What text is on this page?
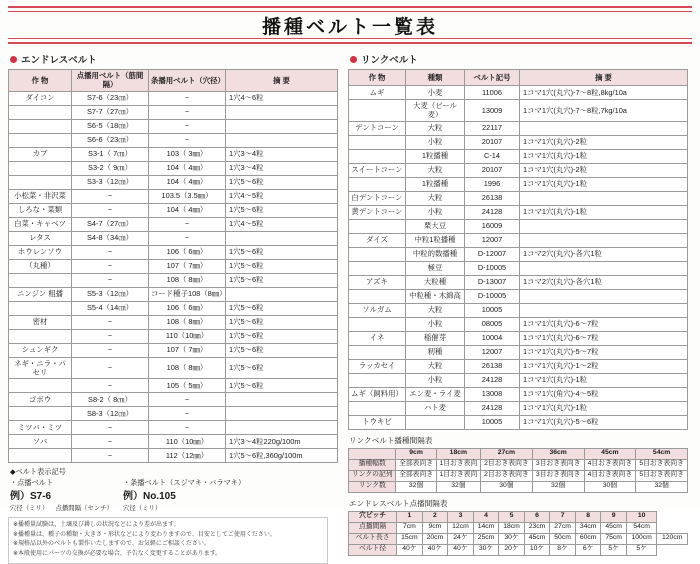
播種ベルト一覧表
エンドレスベルト
作 物	点播用ベルト（筋間隔）	条播用ベルト（穴径）	摘 要
ダイコン	S7-6（23㎝）	−	1穴4～6粒
	S7-7（27㎝）	−	
	S6-5（18㎝）	−	
	S6-6（23㎝）	−	
カブ	S3-1（ 7㎝）	103（ 3㎜）	1穴3～4粒
	S3-2（ 9㎝）	104（ 4㎜）	1穴3～4粒
	S3-3（12㎝）	104（ 4㎜）	1穴5～6粒
小松菜・非沢菜	−	103.5（3.5㎜）	1穴4～5粒
しろな・菜類	−	104（ 4㎜）	1穴5～6粒
白菜・キャベツ	S4-7（27㎝）	−	1穴4～5粒
レタス	S4-8（34㎝）	−	
ホウレンソウ	−	106（ 6㎜）	1穴5～6粒
（丸種）	−	107（ 7㎜）	1穴5～6粒
	−	108（ 8㎜）	1穴5～6粒
ニンジン 粗播	S5-3（12㎝）	コード種子108（8㎜）	
	S5-4（14㎝）	106（ 6㎜）	1穴5～6粒
密材	−	108（ 8㎜）	1穴5～6粒
	−	110（10㎜）	1穴5～6粒
シュンギク	−	107（ 7㎜）	1穴5～6粒
ネギ・ニラ・パセリ	−	108（ 8㎜）	1穴5～6粒
	−	105（ 5㎜）	1穴5～6粒
ゴボウ	S8-2（ 8㎝）	−	
	S8-3（12㎝）	−	
ミツバ・ミツ	−	−	
ソバ	−	110（10㎜）	1穴3～4粒220g/100m
	−	112（12㎜）	1穴5～6粒,360g/100m
◆ベルト表示記号
・点播ベルト
例）S7-6
穴径（ミリ） 点播間隔（センチ）
・条播ベルト（スジマキ・バラマキ）
例）No.105
穴径（ミリ）
※播種量試験は、土壌及び耕しの状況などにより差が出ます。
※播種量は、種子の種類・大きさ・形状などにより変わりますので、目安としてご使用ください。
※規格品以外のベルトも製作いたしますので、お気軽にご相談ください。
※本般使用にパーツの交換が必要な場合、予告なく変更することがあります。
リンクベルト
作 物	種類	ベルト記号	摘 要
ムギ	小麦	11006	1コマ1穴(丸穴)-7～8粒,8kg/10a
	大麦（ビール麦）	13009	1コマ1穴(丸穴)-7～8粒,7kg/10a
デントコーン	大粒	22117	
	小粒	20107	1コマ1穴(丸穴)-2粒
	1粒播種	C-14	1コマ1穴(丸穴)-1粒
スイートコーン	大粒	20107	1コマ1穴(丸穴)-2粒
	1粒播種	1996	1コマ1穴(丸穴)-1粒
白デントコーン	大粒	26138	
黄デントコーン	小粒	24128	1コマ1穴(丸穴)-1粒
	栗大豆	16009	
ダイズ	中粒1粒播種	12007	
	中粒的数播種	D-12007	1コマ2穴(丸穴)-各穴1粒
	極豆	D-10005	
アズキ	大粒種	D-13007	1コマ2穴(丸穴)-各穴1粒
	中粒種・木綿高	D-10005	
ソルガム	大粒	10005	
	小粒	08005	1コマ1穴(丸穴)-6～7粒
イネ	稲催芽	10004	1コマ1穴(丸穴)-6～7粒
	籾種	12007	1コマ1穴(丸穴)-5～7粒
ラッカセイ	大粒	26138	1コマ1穴(丸穴)-1～2粒
	小粒	24128	1コマ1穴(丸穴)-1粒
ムギ（飼料用）	エン麦・ライ麦	13008	1コマ1穴(角穴)-4～5粒
	ハト麦	24128	1コマ1穴(丸穴)-1粒
トウキビ		10005	1コマ1穴(丸穴)-5～6粒
リンクベルト播種間隔表
	9cm	18cm	27cm	36cm	45cm	54cm
播種幅数	全部表向き	1目おき表向	2目おき表向き	3目おき表向き	4目おき表向き	5目おき表向き
リンクの記列	全部表向き	1目おき表向	2目おき表向き	3目おき表向き	4目おき表向き	5目おき表向き
リンク数	32個	32個	30個	32個	30個	32個
エンドレスベルト点播間隔表
穴ピッチ	1	2	3	4	5	6	7	8	9	10	
点播間隔	7cm	9cm	12cm	14cm	18cm	23cm	27cm	34cm	45cm	54cm	
ベルト長さ	15cm	20cm	24ケ	25cm	30ケ	45cm	50cm	60cm	75cm	100cm	120cm
ベルト径	40ケ	40ケ	40ケ	30ケ	20ケ	10ケ	8ケ	6ケ	5ケ	5ケ	
